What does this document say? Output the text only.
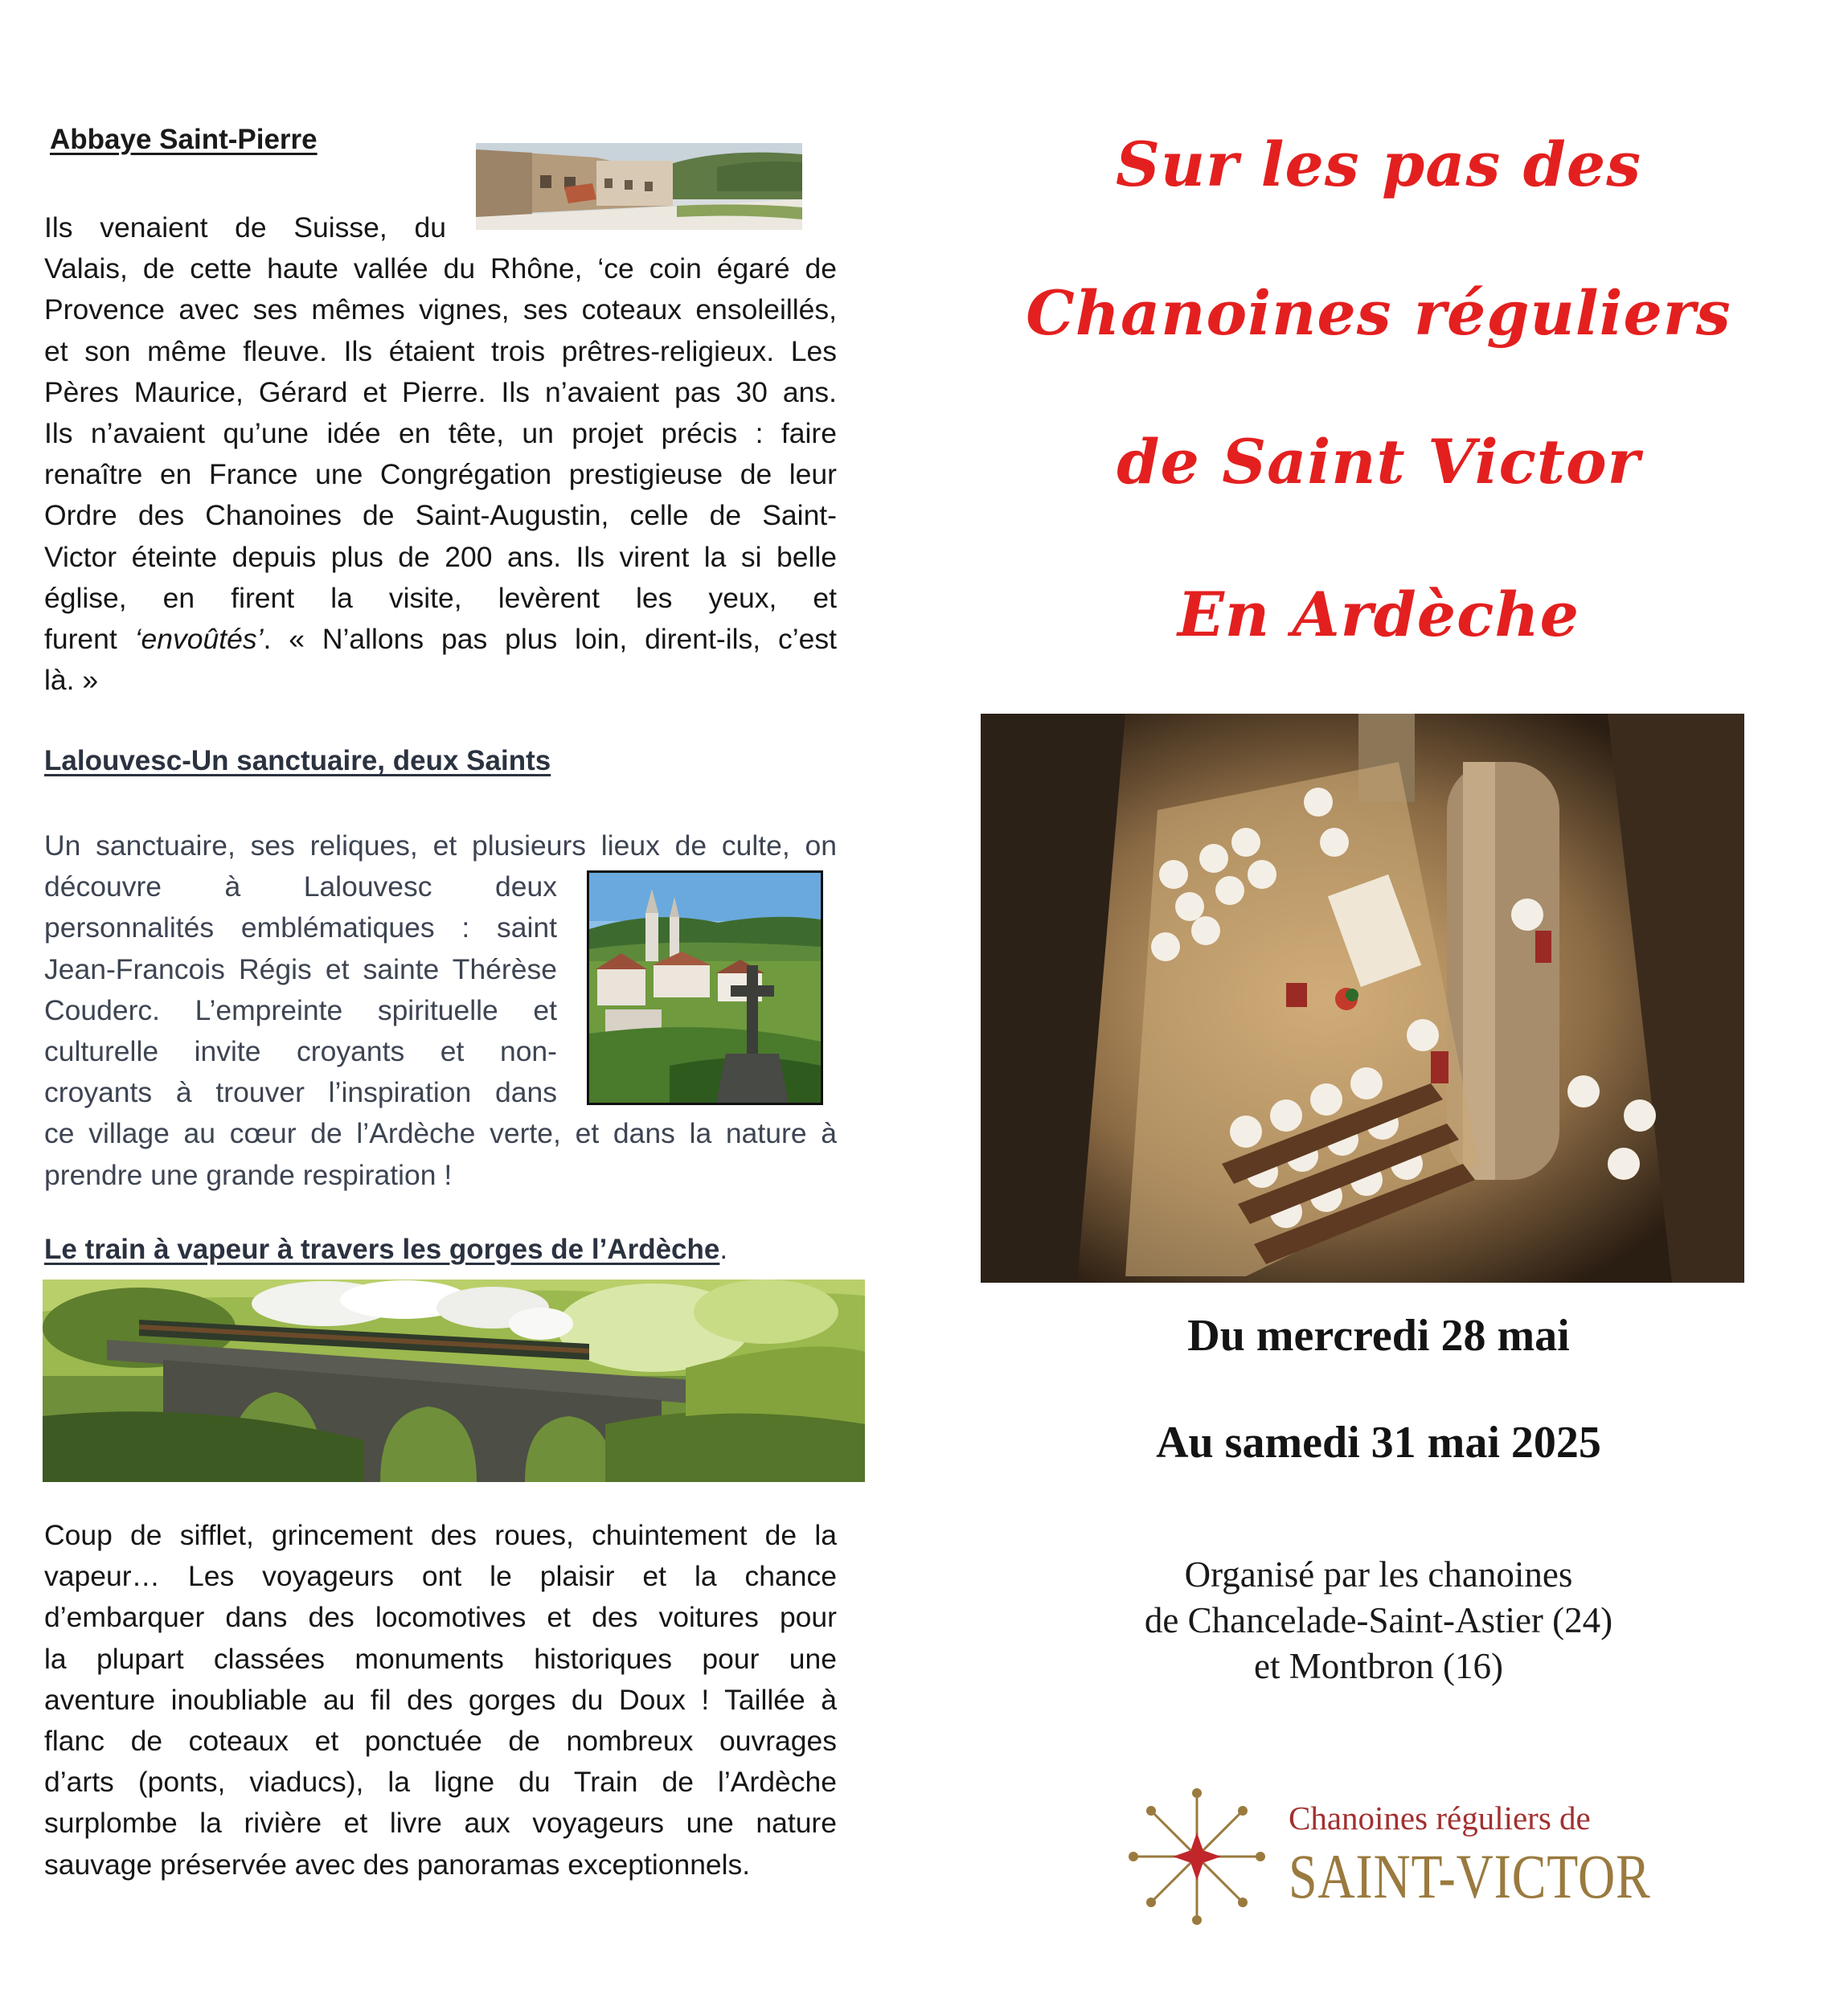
Abbaye Saint-Pierre
Ils venaient de Suisse, du
Valais, de cette haute vallée du Rhône, ‘ce coin égaré de
Provence avec ses mêmes vignes, ses coteaux ensoleillés,
et son même fleuve. Ils étaient trois prêtres-religieux. Les
Pères Maurice, Gérard et Pierre. Ils n’avaient pas 30 ans.
Ils n’avaient qu’une idée en tête, un projet précis : faire
renaître en France une Congrégation prestigieuse de leur
Ordre des Chanoines de Saint-Augustin, celle de Saint-
Victor éteinte depuis plus de 200 ans. Ils virent la si belle
église, en firent la visite, levèrent les yeux, et
furent ‘envoûtés’. « N’allons pas plus loin, dirent-ils, c’est
là. »
Lalouvesc-Un sanctuaire, deux Saints
Un sanctuaire, ses reliques, et plusieurs lieux de culte, on
découvre à Lalouvesc deux
personnalités emblématiques : saint
Jean-Francois Régis et sainte Thérèse
Couderc. L’empreinte spirituelle et
culturelle invite croyants et non-
croyants à trouver l’inspiration dans
ce village au cœur de l’Ardèche verte, et dans la nature à
prendre une grande respiration !
Le train à vapeur à travers les gorges de l’Ardèche.
Coup de sifflet, grincement des roues, chuintement de la
vapeur… Les voyageurs ont le plaisir et la chance
d’embarquer dans des locomotives et des voitures pour
la plupart classées monuments historiques pour une
aventure inoubliable au fil des gorges du Doux ! Taillée à
flanc de coteaux et ponctuée de nombreux ouvrages
d’arts (ponts, viaducs), la ligne du Train de l’Ardèche
surplombe la rivière et livre aux voyageurs une nature
sauvage préservée avec des panoramas exceptionnels.
Sur les pas des
Chanoines réguliers
de Saint Victor
En Ardèche
Du mercredi 28 mai
Au samedi 31 mai 2025
Organisé par les chanoines
de Chancelade-Saint-Astier (24)
et Montbron (16)
Chanoines réguliers de
SAINT-VICTOR
